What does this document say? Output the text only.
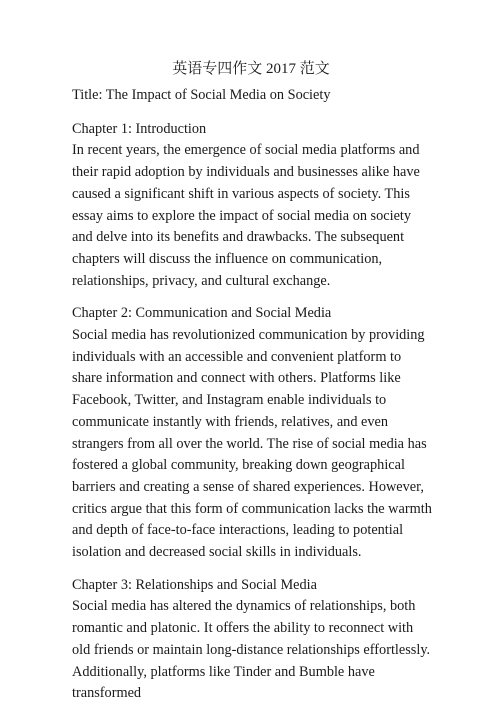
英语专四作文 2017 范文
Title: The Impact of Social Media on Society
Chapter 1: Introduction
In recent years, the emergence of social media platforms and their rapid adoption by individuals and businesses alike have caused a significant shift in various aspects of society. This essay aims to explore the impact of social media on society and delve into its benefits and drawbacks. The subsequent chapters will discuss the influence on communication, relationships, privacy, and cultural exchange.
Chapter 2: Communication and Social Media
Social media has revolutionized communication by providing individuals with an accessible and convenient platform to share information and connect with others. Platforms like Facebook, Twitter, and Instagram enable individuals to communicate instantly with friends, relatives, and even strangers from all over the world. The rise of social media has fostered a global community, breaking down geographical barriers and creating a sense of shared experiences. However, critics argue that this form of communication lacks the warmth and depth of face-to-face interactions, leading to potential isolation and decreased social skills in individuals.
Chapter 3: Relationships and Social Media
Social media has altered the dynamics of relationships, both romantic and platonic. It offers the ability to reconnect with old friends or maintain long-distance relationships effortlessly. Additionally, platforms like Tinder and Bumble have transformed
